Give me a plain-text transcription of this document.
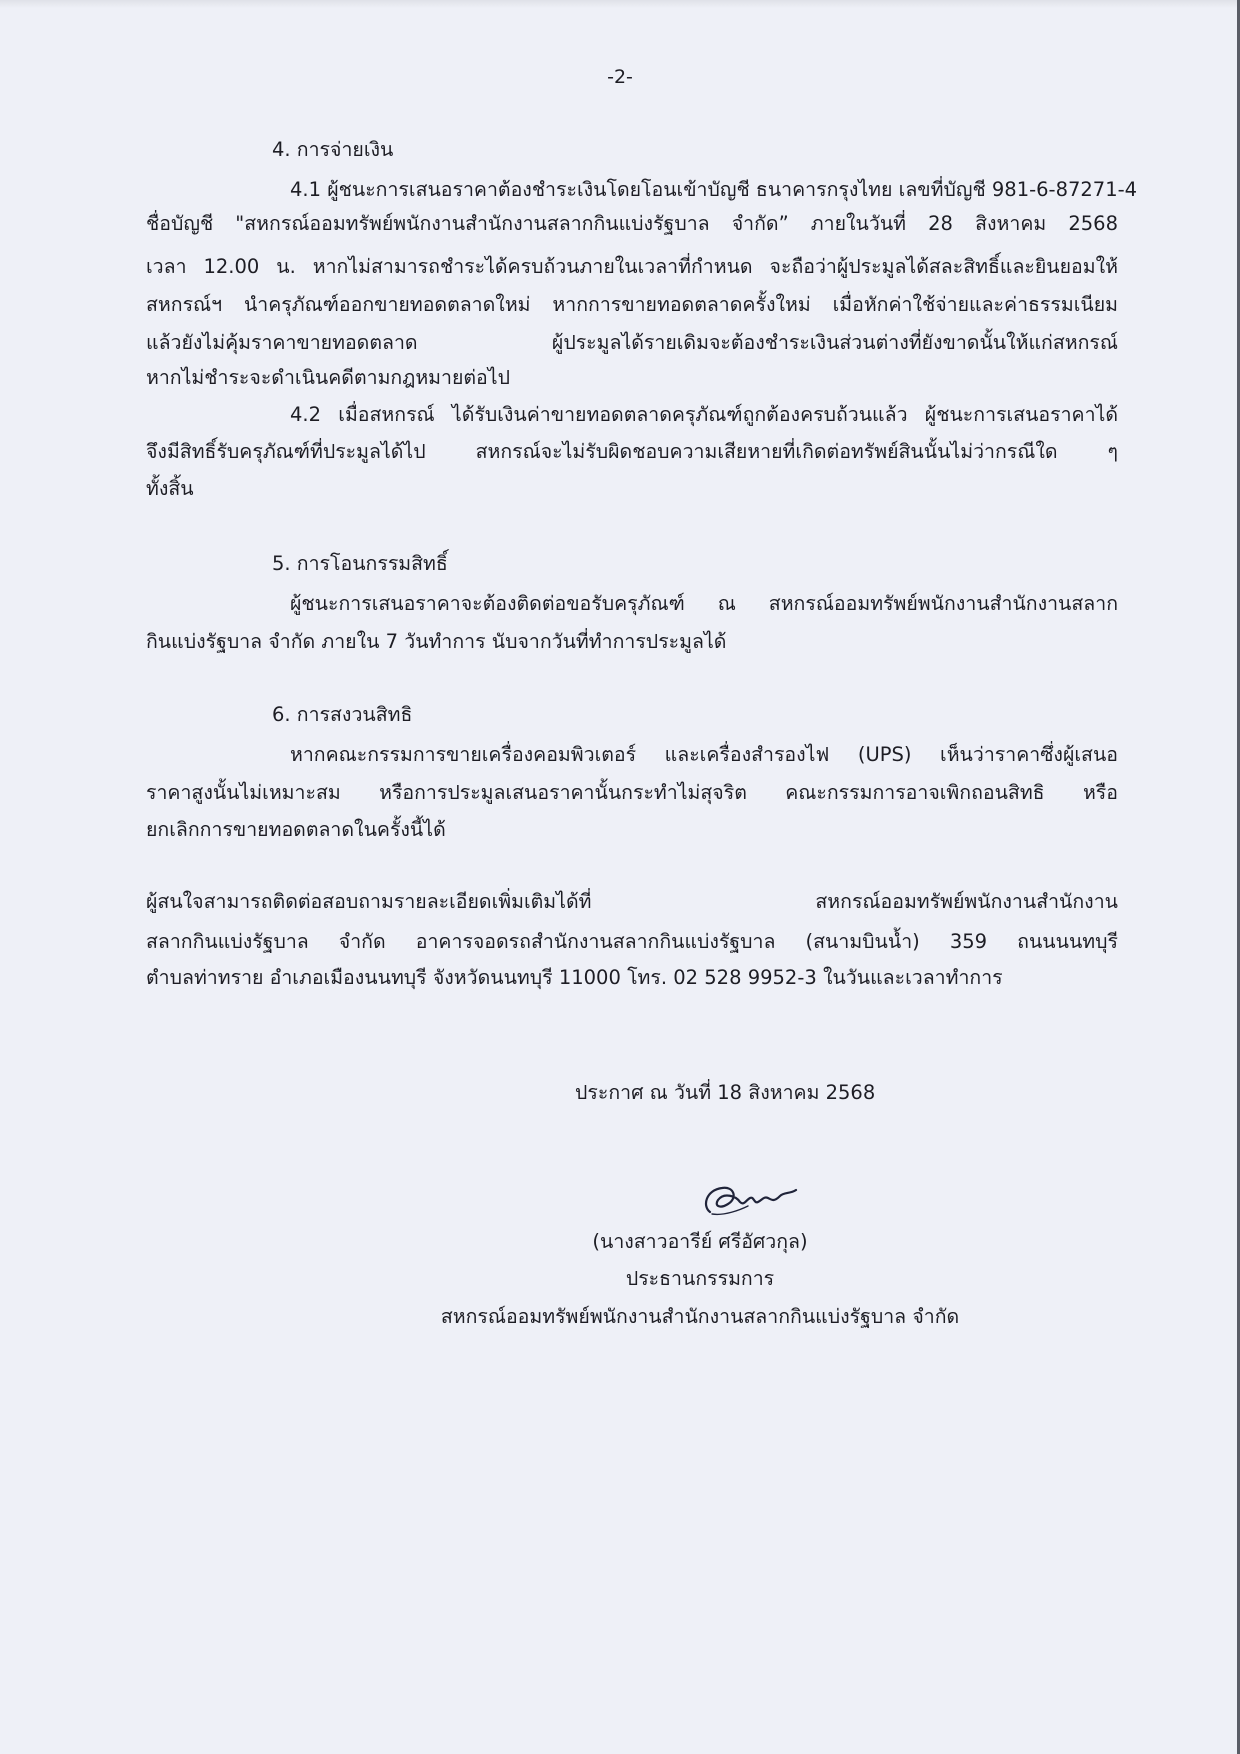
-2-
4. การจ่ายเงิน
4.1 ผู้ชนะการเสนอราคาต้องชำระเงินโดยโอนเข้าบัญชี ธนาคารกรุงไทย เลขที่บัญชี 981-6-87271-4
ชื่อบัญชี "สหกรณ์ออมทรัพย์พนักงานสำนักงานสลากกินแบ่งรัฐบาล จำกัด” ภายในวันที่ 28 สิงหาคม 2568
เวลา 12.00 น. หากไม่สามารถชำระได้ครบถ้วนภายในเวลาที่กำหนด จะถือว่าผู้ประมูลได้สละสิทธิ์และยินยอมให้
สหกรณ์ฯ นำครุภัณฑ์ออกขายทอดตลาดใหม่ หากการขายทอดตลาดครั้งใหม่ เมื่อหักค่าใช้จ่ายและค่าธรรมเนียม
แล้วยังไม่คุ้มราคาขายทอดตลาด ผู้ประมูลได้รายเดิมจะต้องชำระเงินส่วนต่างที่ยังขาดนั้นให้แก่สหกรณ์
หากไม่ชำระจะดำเนินคดีตามกฎหมายต่อไป
4.2 เมื่อสหกรณ์ ได้รับเงินค่าขายทอดตลาดครุภัณฑ์ถูกต้องครบถ้วนแล้ว ผู้ชนะการเสนอราคาได้
จึงมีสิทธิ์รับครุภัณฑ์ที่ประมูลได้ไป สหกรณ์จะไม่รับผิดชอบความเสียหายที่เกิดต่อทรัพย์สินนั้นไม่ว่ากรณีใด ๆ
ทั้งสิ้น
5. การโอนกรรมสิทธิ์
ผู้ชนะการเสนอราคาจะต้องติดต่อขอรับครุภัณฑ์ ณ สหกรณ์ออมทรัพย์พนักงานสำนักงานสลาก
กินแบ่งรัฐบาล จำกัด ภายใน 7 วันทำการ นับจากวันที่ทำการประมูลได้
6. การสงวนสิทธิ
หากคณะกรรมการขายเครื่องคอมพิวเตอร์ และเครื่องสำรองไฟ (UPS) เห็นว่าราคาซึ่งผู้เสนอ
ราคาสูงนั้นไม่เหมาะสม หรือการประมูลเสนอราคานั้นกระทำไม่สุจริต คณะกรรมการอาจเพิกถอนสิทธิ หรือ
ยกเลิกการขายทอดตลาดในครั้งนี้ได้
ผู้สนใจสามารถติดต่อสอบถามรายละเอียดเพิ่มเติมได้ที่ สหกรณ์ออมทรัพย์พนักงานสำนักงาน
สลากกินแบ่งรัฐบาล จำกัด อาคารจอดรถสำนักงานสลากกินแบ่งรัฐบาล (สนามบินน้ำ) 359 ถนนนนทบุรี
ตำบลท่าทราย อำเภอเมืองนนทบุรี จังหวัดนนทบุรี 11000 โทร. 02 528 9952-3 ในวันและเวลาทำการ
ประกาศ ณ วันที่ 18 สิงหาคม 2568
(นางสาวอารีย์ ศรีอัศวกุล)
ประธานกรรมการ
สหกรณ์ออมทรัพย์พนักงานสำนักงานสลากกินแบ่งรัฐบาล จำกัด
